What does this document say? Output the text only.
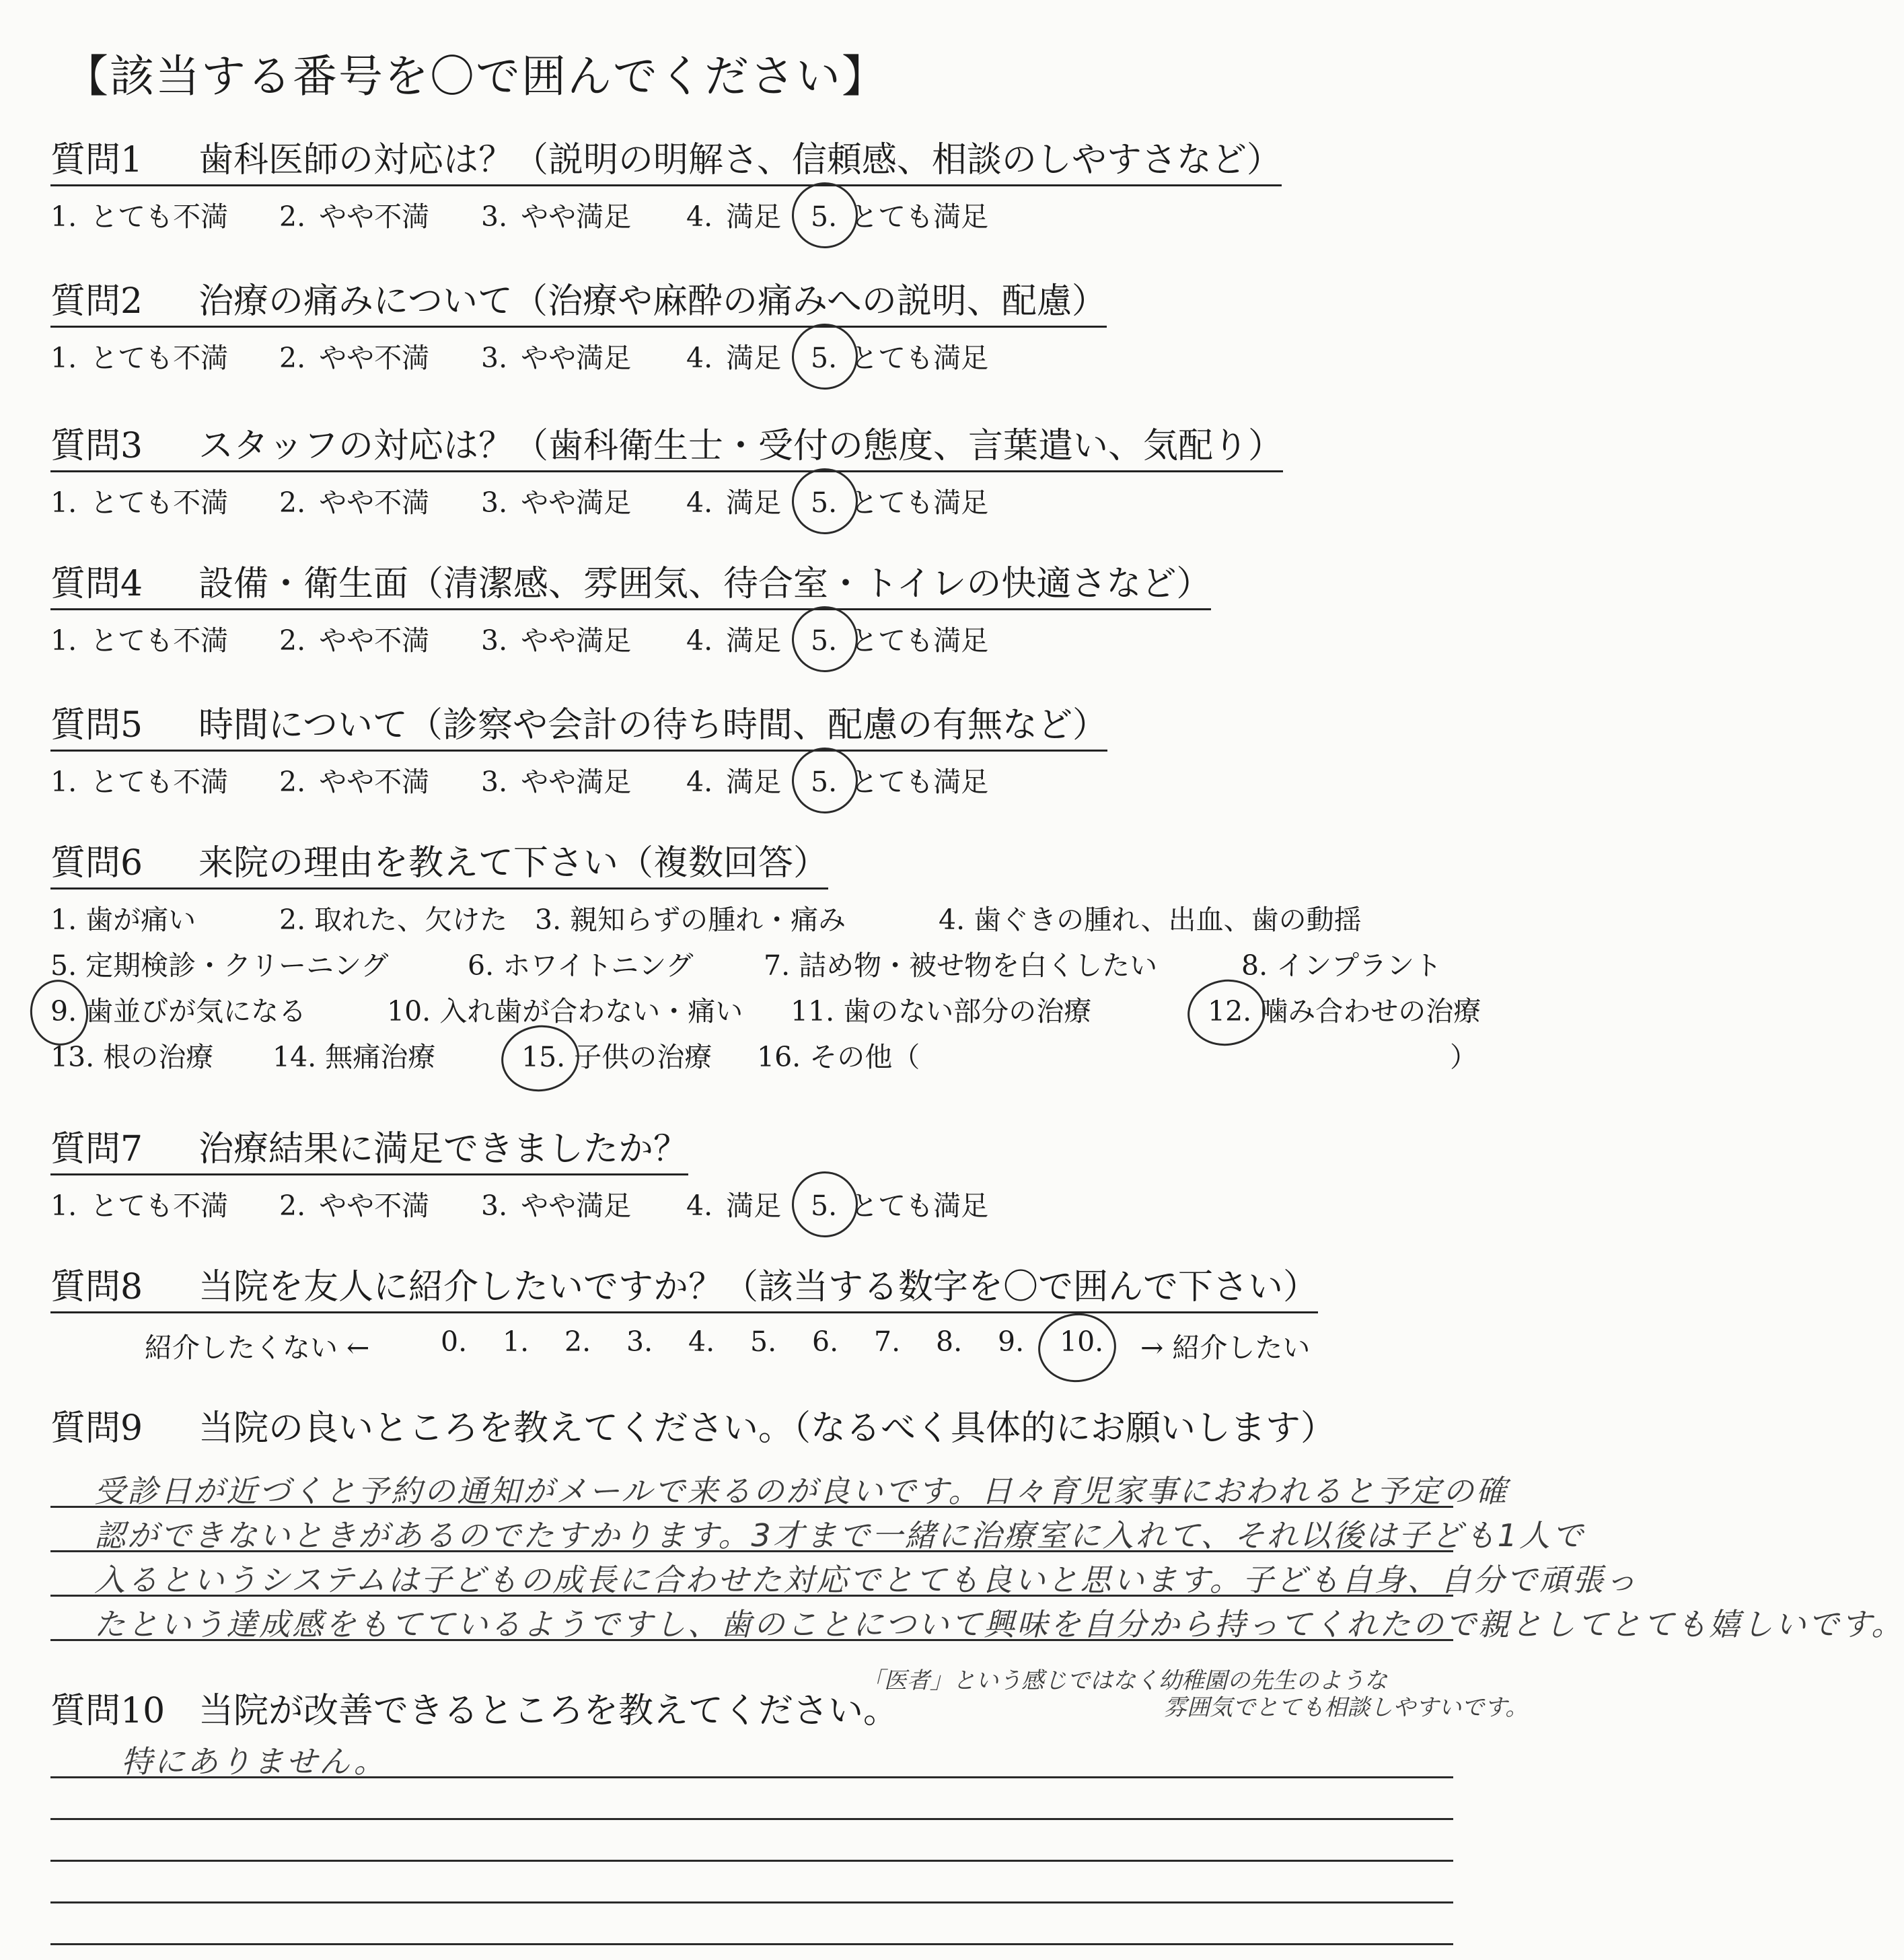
【該当する番号を〇で囲んでください】
質問1 歯科医師の対応は？（説明の明解さ、信頼感、相談のしやすさなど）
1. とても不満 2. やや不満 3. やや満足 4. 満足 5. とても満足
質問2 治療の痛みについて（治療や麻酔の痛みへの説明、配慮）
1. とても不満 2. やや不満 3. やや満足 4. 満足 5. とても満足
質問3 スタッフの対応は？（歯科衛生士・受付の態度、言葉遣い、気配り）
1. とても不満 2. やや不満 3. やや満足 4. 満足 5. とても満足
質問4 設備・衛生面（清潔感、雰囲気、待合室・トイレの快適さなど）
1. とても不満 2. やや不満 3. やや満足 4. 満足 5. とても満足
質問5 時間について（診察や会計の待ち時間、配慮の有無など）
1. とても不満 2. やや不満 3. やや満足 4. 満足 5. とても満足
質問6 来院の理由を教えて下さい（複数回答）
1. 歯が痛い	2. 取れた、欠けた 3. 親知らずの腫れ・痛み	4. 歯ぐきの腫れ、出血、歯の動揺
5. 定期検診・クリーニング	6. ホワイトニング	7. 詰め物・被せ物を白くしたい	8. インプラント
9. 歯並びが気になる	10. 入れ歯が合わない・痛い 11. 歯のない部分の治療	12. 噛み合わせの治療
13. 根の治療 14. 無痛治療	15. 子供の治療 16. その他（	）
質問7 治療結果に満足できましたか？
1. とても不満 2. やや不満 3. やや満足 4. 満足 5. とても満足
質問8 当院を友人に紹介したいですか？（該当する数字を〇で囲んで下さい）
紹介したくない ←	→ 紹介したい
0. 1. 2. 3. 4. 5. 6. 7. 8. 9. 10.
質問9 当院の良いところを教えてください。（なるべく具体的にお願いします）
受診日が近づくと予約の通知がメールで来るのが良いです。日々育児家事におわれると予定の確
認ができないときがあるのでたすかります。3才まで一緒に治療室に入れて、それ以後は子ども1人で
入るというシステムは子どもの成長に合わせた対応でとても良いと思います。子ども自身、自分で頑張っ
たという達成感をもてているようですし、歯のことについて興味を自分から持ってくれたので親としてとても嬉しいです。
「医者」という感じではなく幼稚園の先生のような
雰囲気でとても相談しやすいです。
質問10 当院が改善できるところを教えてください。
特にありません。
